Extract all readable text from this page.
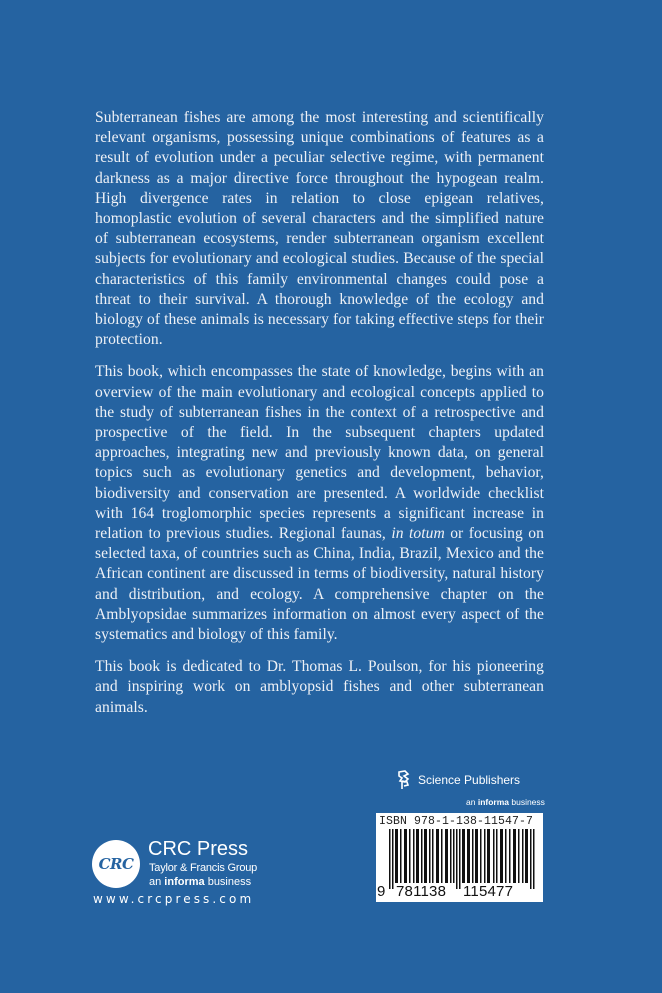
Subterranean fishes are among the most interesting and scientifically relevant organisms, possessing unique combinations of features as a result of evolution under a peculiar selective regime, with permanent darkness as a major directive force throughout the hypogean realm. High divergence rates in relation to close epigean relatives, homoplastic evolution of several characters and the simplified nature of subterranean ecosystems, render subterranean organism excellent subjects for evolutionary and ecological studies. Because of the special characteristics of this family environmental changes could pose a threat to their survival. A thorough knowledge of the ecology and biology of these animals is necessary for taking effective steps for their protection.

This book, which encompasses the state of knowledge, begins with an overview of the main evolutionary and ecological concepts applied to the study of subterranean fishes in the context of a retrospective and prospective of the field. In the subsequent chapters updated approaches, integrating new and previously known data, on general topics such as evolutionary genetics and development, behavior, biodiversity and conservation are presented. A worldwide checklist with 164 troglomorphic species represents a significant increase in relation to previous studies. Regional faunas, in totum or focusing on selected taxa, of countries such as China, India, Brazil, Mexico and the African continent are discussed in terms of biodiversity, natural history and distribution, and ecology. A comprehensive chapter on the Amblyopsidae summarizes information on almost every aspect of the systematics and biology of this family.

This book is dedicated to Dr. Thomas L. Poulson, for his pioneering and inspiring work on amblyopsid fishes and other subterranean animals.

Science Publishers
an informa business
ISBN 978-1-138-11547-7
9 781138 115477
CRC
CRC Press
Taylor & Francis Group
an informa business
www.crcpress.com
